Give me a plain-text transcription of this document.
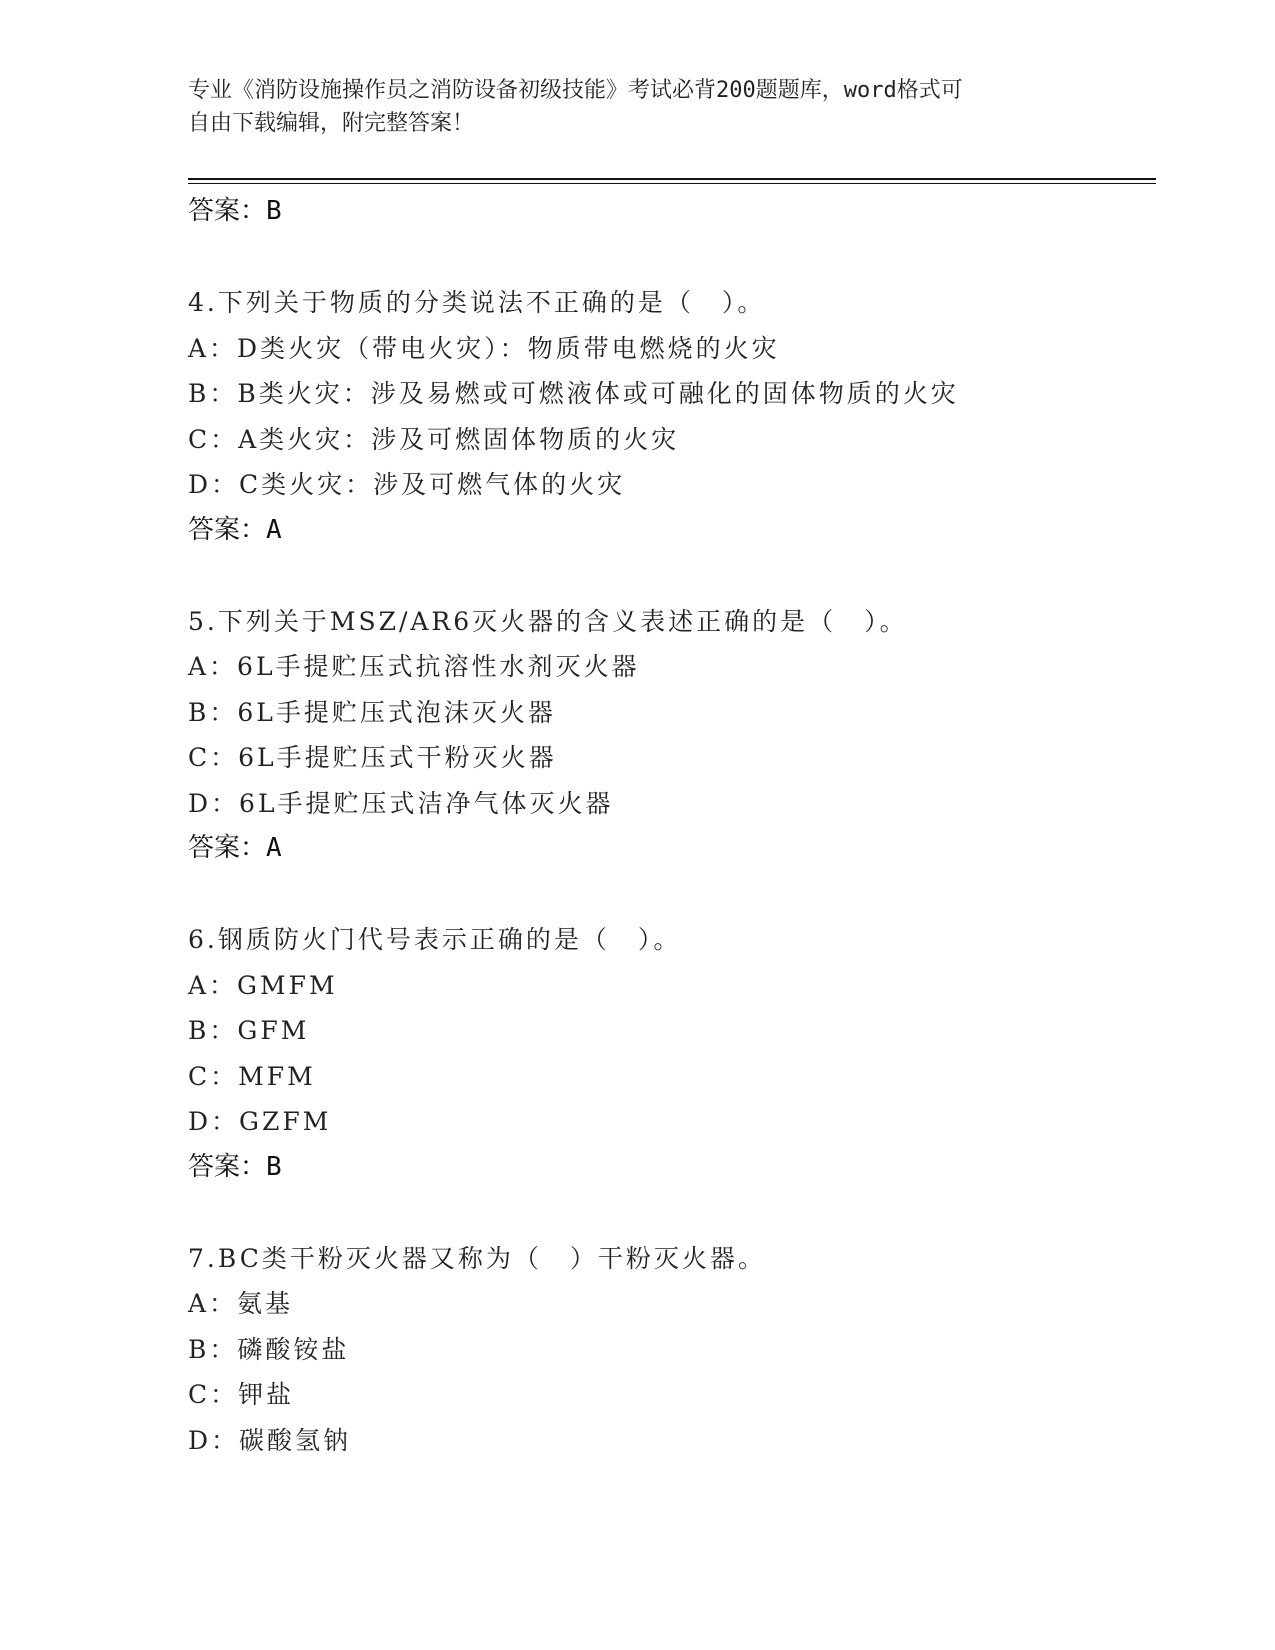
专业《消防设施操作员之消防设备初级技能》考试必背200题题库，word格式可
自由下载编辑，附完整答案！
答案：B
4.下列关于物质的分类说法不正确的是（　）。
A：D类火灾（带电火灾）：物质带电燃烧的火灾
B：B类火灾：涉及易燃或可燃液体或可融化的固体物质的火灾
C：A类火灾：涉及可燃固体物质的火灾
D：C类火灾：涉及可燃气体的火灾
答案：A
5.下列关于MSZ/AR6灭火器的含义表述正确的是（　）。
A：6L手提贮压式抗溶性水剂灭火器
B：6L手提贮压式泡沫灭火器
C：6L手提贮压式干粉灭火器
D：6L手提贮压式洁净气体灭火器
答案：A
6.钢质防火门代号表示正确的是（　）。
A：GMFM
B：GFM
C：MFM
D：GZFM
答案：B
7.BC类干粉灭火器又称为（　）干粉灭火器。
A：氨基
B：磷酸铵盐
C：钾盐
D：碳酸氢钠
